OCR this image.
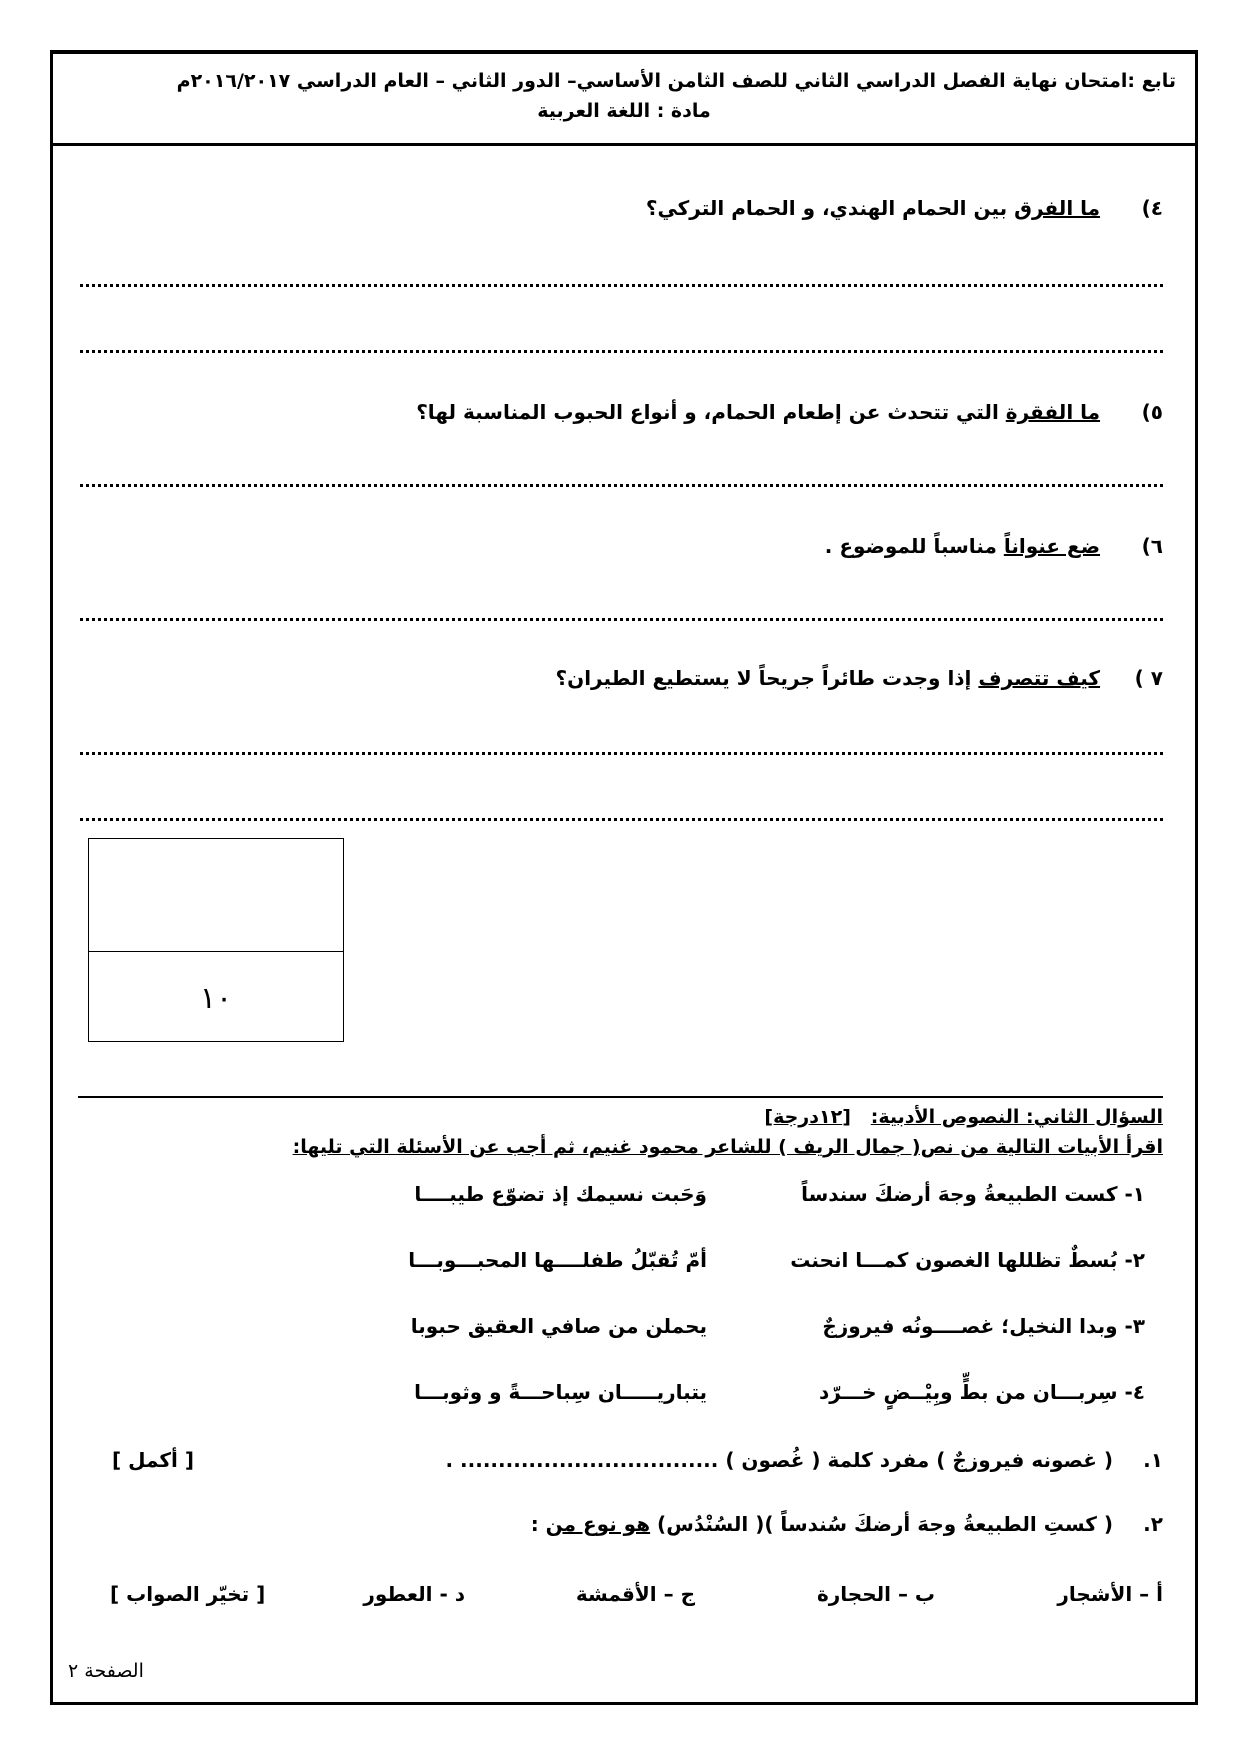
تابع :امتحان نهاية الفصل الدراسي الثاني للصف الثامن الأساسي– الدور الثاني – العام الدراسي ٢٠١٦/٢٠١٧م
مادة : اللغة العربية
٤) ما الفرق بين الحمام الهندي، و الحمام التركي؟
٥) ما الفقرة التي تتحدث عن إطعام الحمام، و أنواع الحبوب المناسبة لها؟
٦) ضع عنواناً مناسباً للموضوع .
٧ ) كيف تتصرف إذا وجدت طائراً جريحاً لا يستطيع الطيران؟
١٠
السؤال الثاني: النصوص الأدبية:   [١٢درجة]
اقرأ الأبيات التالية من نص( جمال الريف ) للشاعر محمود غنيم، ثم أجب عن الأسئلة التي تليها:
١- كست الطبيعةُ وجهَ أرضكَ سندساً
وَحَبت نسيمك إذ تضوّع طيبــــا
٢- بُسطٌ تظللها الغصون كمـــا انحنت
أمّ تُقبّلُ طفلــــها المحبـــوبـــا
٣- وبدا النخيل؛ غصــــونُه فيروزجٌ
يحملن من صافي العقيق حبوبا
٤- سِربـــان من بطٍّ وبِيْــضٍ خـــرّد
يتباريـــــان سِباحـــةً و وثوبـــا
١.( غصونه فيروزجٌ ) مفرد كلمة ( غُصون ) .................................. .
[ أكمل ]
٢.( كستِ الطبيعةُ وجهَ أرضكَ سُندساً )( السُنْدُس) هو نوع من :
أ – الأشجار
ب – الحجارة
ج – الأقمشة
د - العطور
[ تخيّر الصواب ]
الصفحة ٢
